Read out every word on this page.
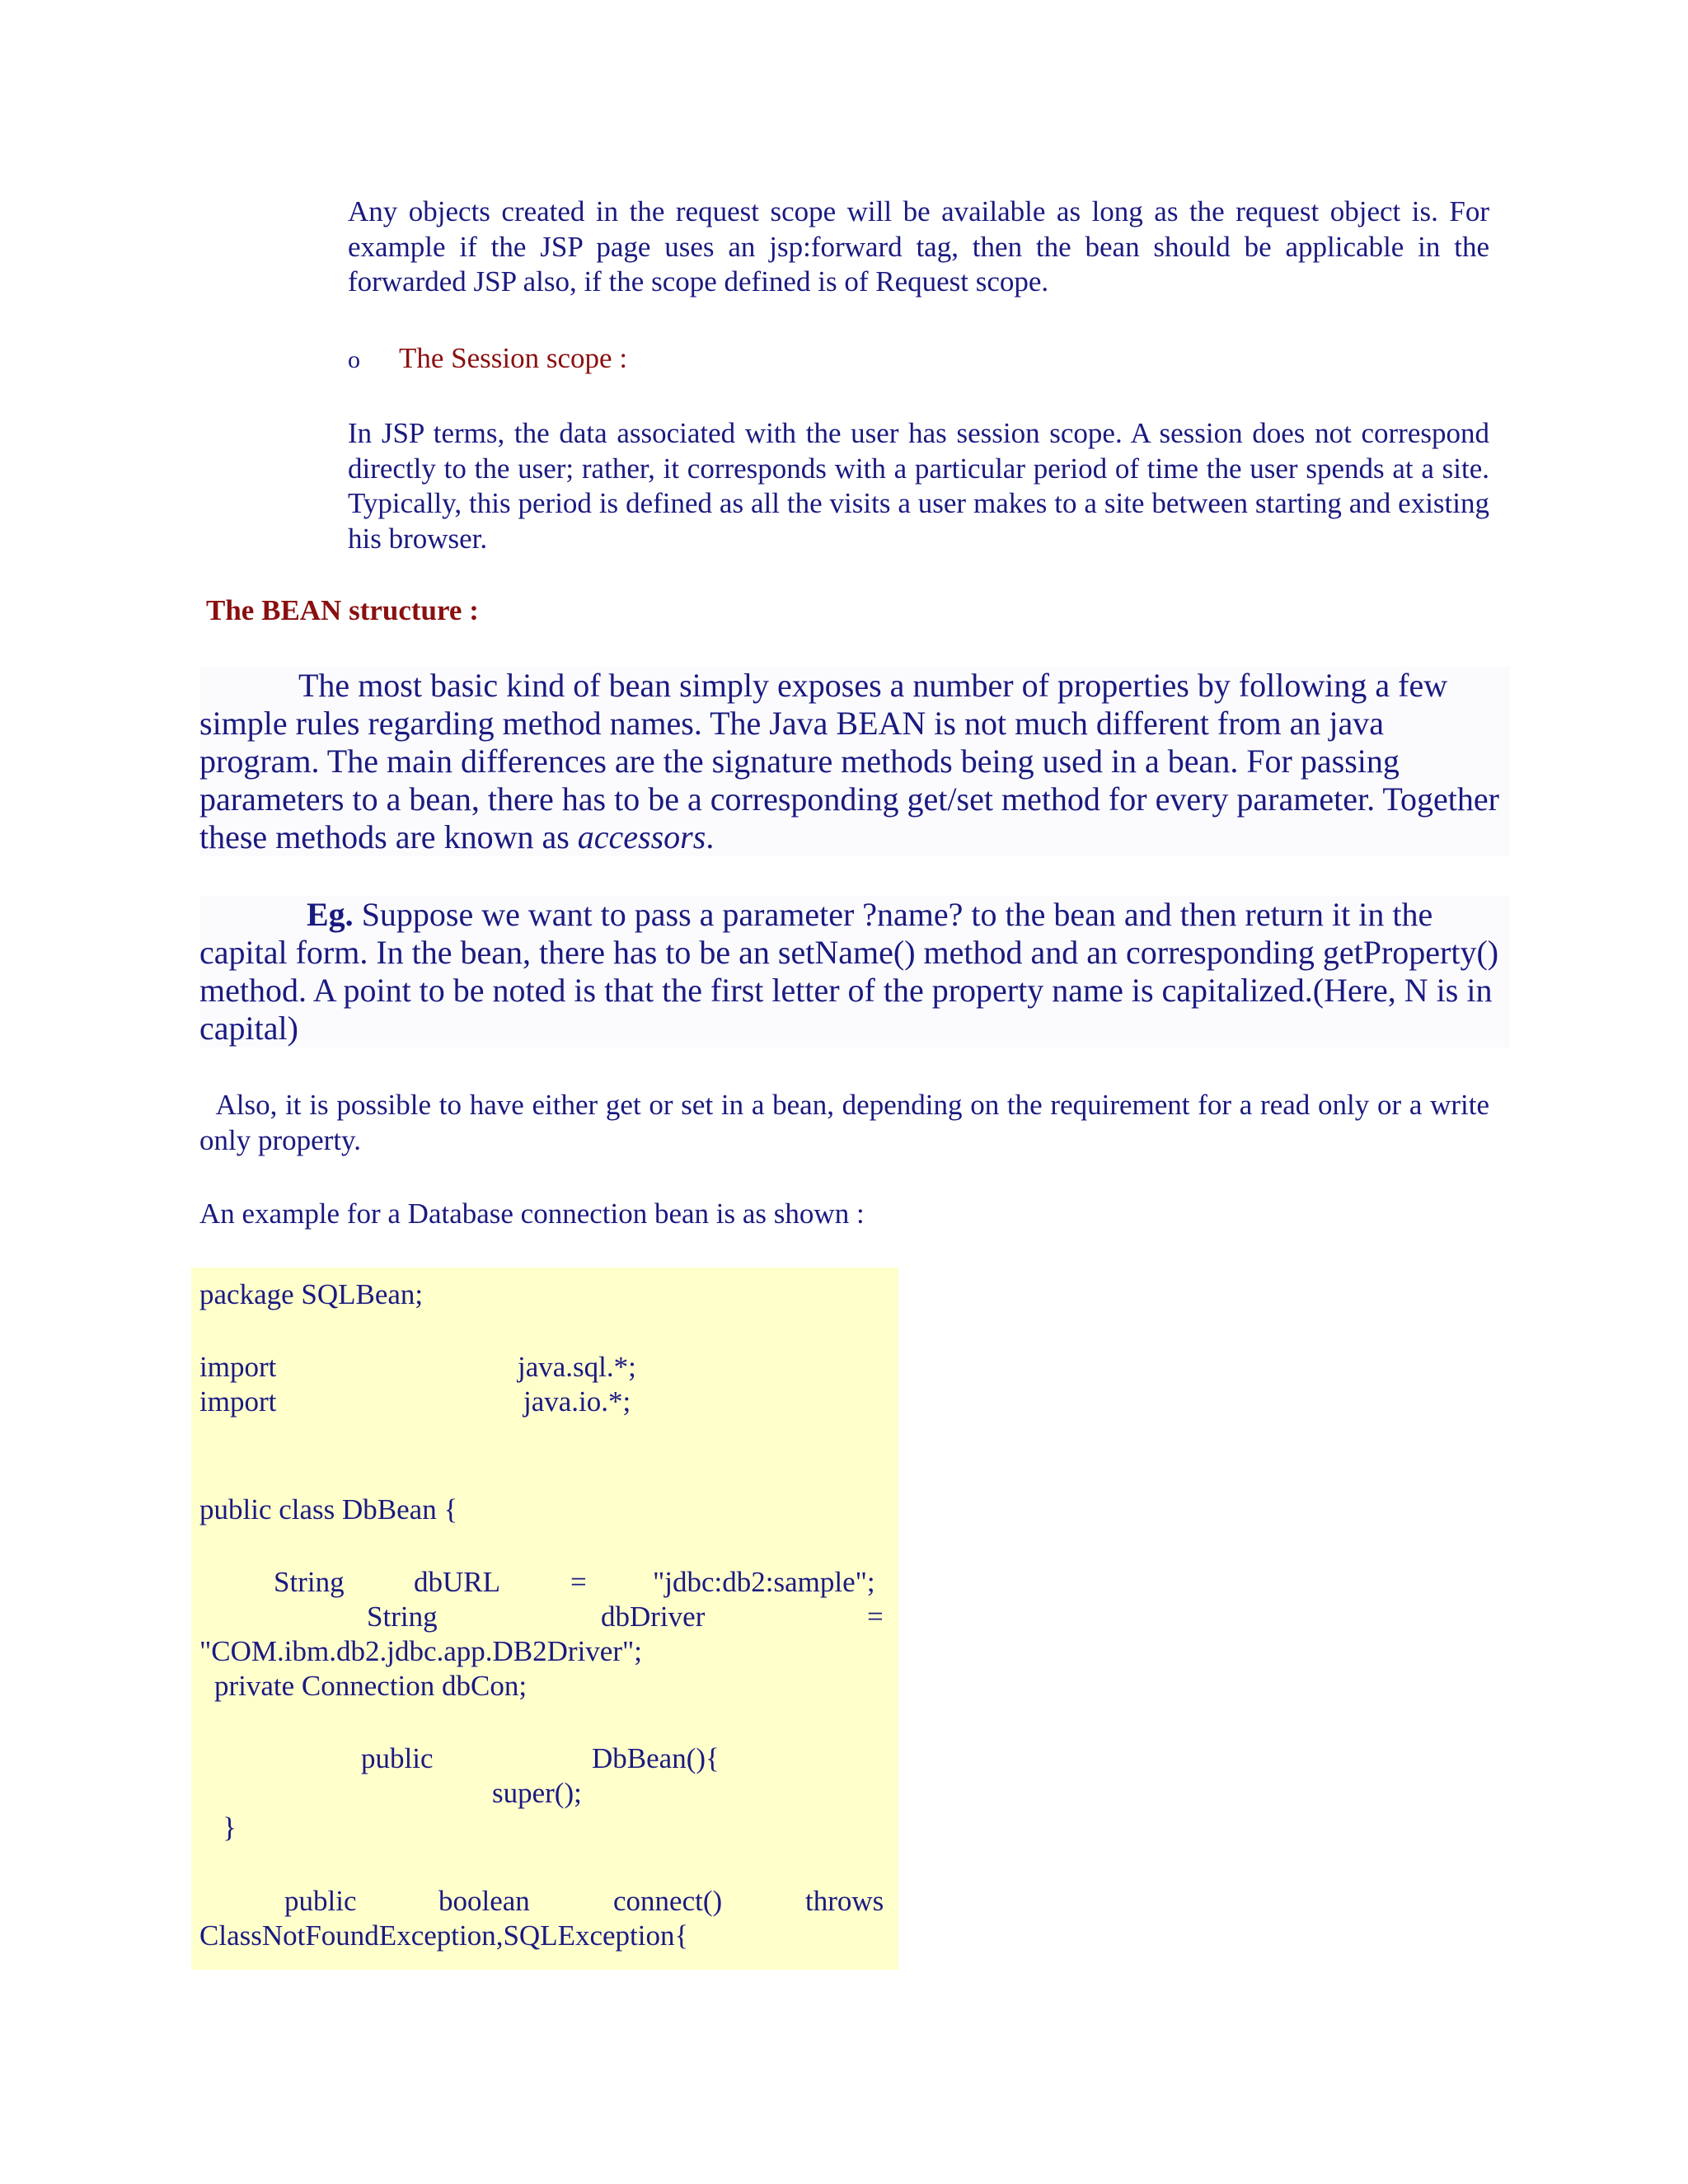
Any objects created in the request scope will be available as long as the request object is. For example if the JSP page uses an jsp:forward tag, then the bean should be applicable in the forwarded JSP also, if the scope defined is of Request scope.

o The Session scope :

In JSP terms, the data associated with the user has session scope. A session does not correspond directly to the user; rather, it corresponds with a particular period of time the user spends at a site. Typically, this period is defined as all the visits a user makes to a site between starting and existing his browser.

The BEAN structure :

The most basic kind of bean simply exposes a number of properties by following a few simple rules regarding method names. The Java BEAN is not much different from an java program. The main differences are the signature methods being used in a bean. For passing parameters to a bean, there has to be a corresponding get/set method for every parameter. Together these methods are known as accessors.

Eg. Suppose we want to pass a parameter ?name? to the bean and then return it in the capital form. In the bean, there has to be an setName() method and an corresponding getProperty() method. A point to be noted is that the first letter of the property name is capitalized.(Here, N is in capital)

Also, it is possible to have either get or set in a bean, depending on the requirement for a read only or a write only property.

An example for a Database connection bean is as shown :

package SQLBean;
import	java.sql.*;
import	java.io.*;
public class DbBean {
String dbURL = "jdbc:db2:sample";
String	dbDriver	=
"COM.ibm.db2.jdbc.app.DB2Driver";
private Connection dbCon;
public	DbBean(){
super();
}
public	boolean	connect()	throws
ClassNotFoundException,SQLException{
